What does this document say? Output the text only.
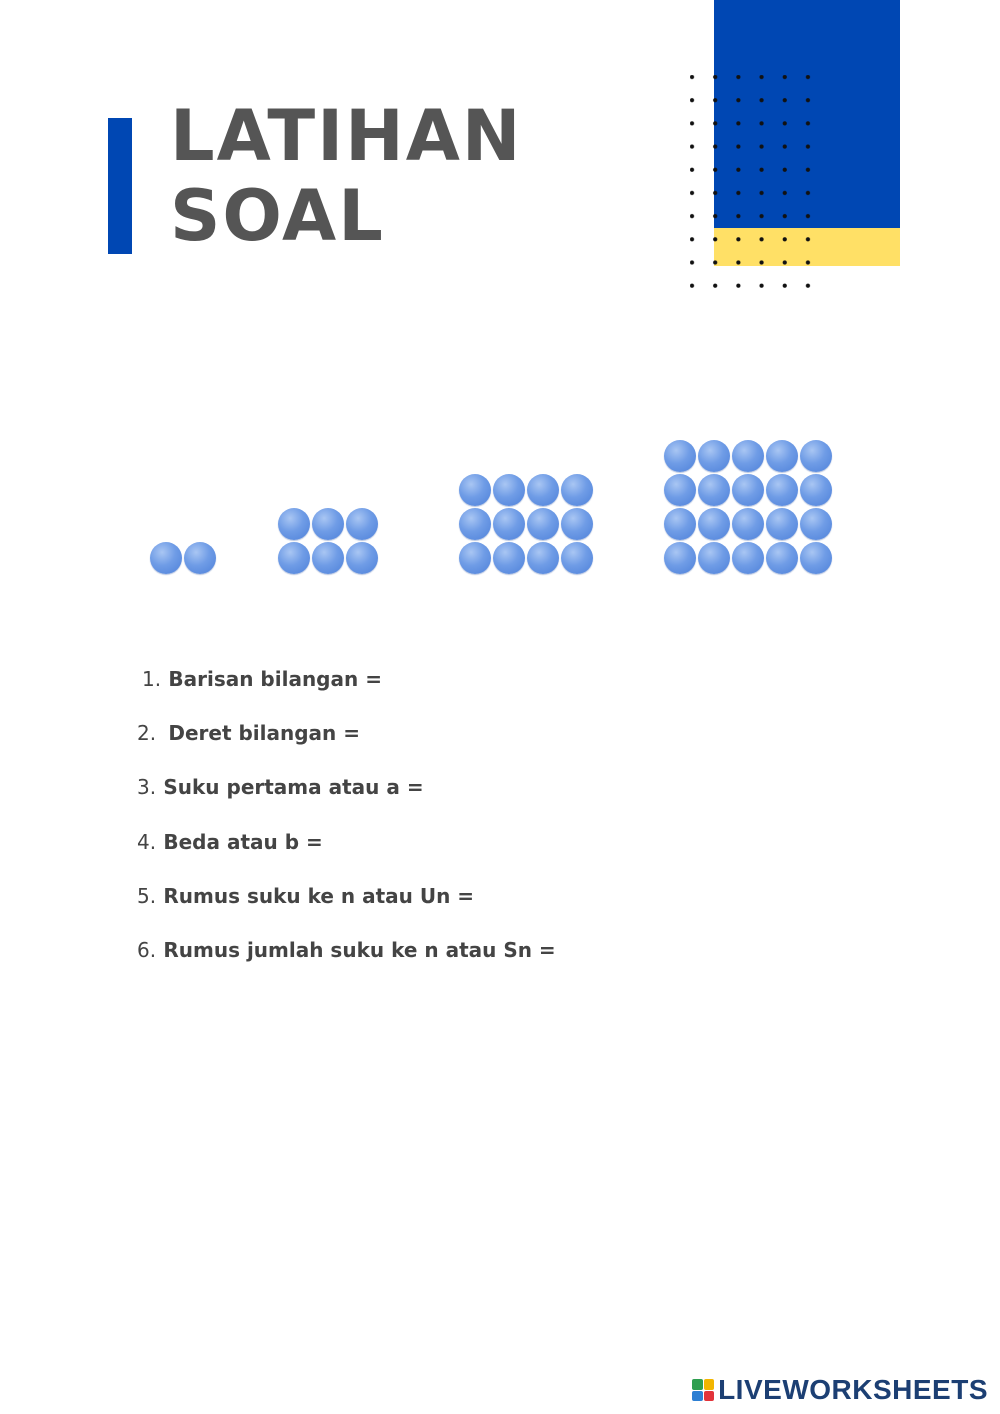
LATIHAN
SOAL
1. Barisan bilangan =
2. Deret bilangan =
3. Suku pertama atau a =
4. Beda atau b =
5. Rumus suku ke n atau Un =
6. Rumus jumlah suku ke n atau Sn =
LIVEWORKSHEETS
